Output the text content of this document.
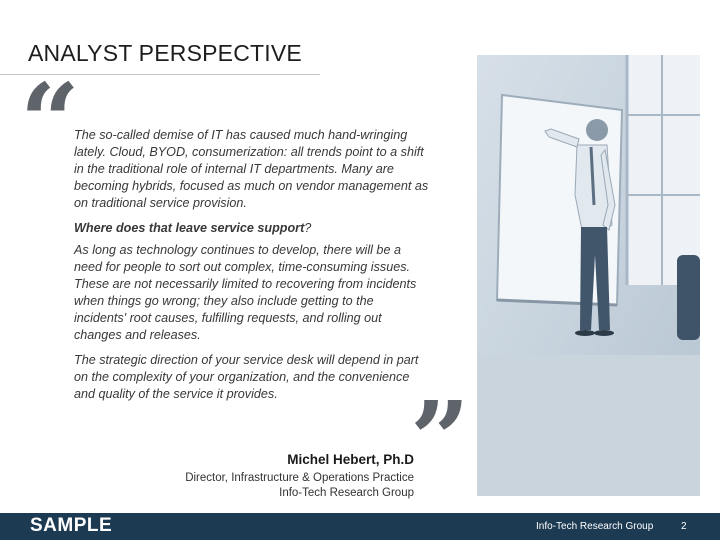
ANALYST PERSPECTIVE
“

The so-called demise of IT has caused much hand-wringing lately. Cloud, BYOD, consumerization: all trends point to a shift in the traditional role of internal IT departments. Many are becoming hybrids, focused as much on vendor management as on traditional service provision.

Where does that leave service support?

As long as technology continues to develop, there will be a need for people to sort out complex, time-consuming issues. These are not necessarily limited to recovering from incidents when things go wrong; they also include getting to the incidents' root causes, fulfilling requests, and rolling out changes and releases.

The strategic direction of your service desk will depend in part on the complexity of your organization, and the convenience and quality of the service it provides.	”
Michel Hebert, Ph.D
Director, Infrastructure & Operations Practice
Info-Tech Research Group
SAMPLE	Info-Tech Research Group	2
